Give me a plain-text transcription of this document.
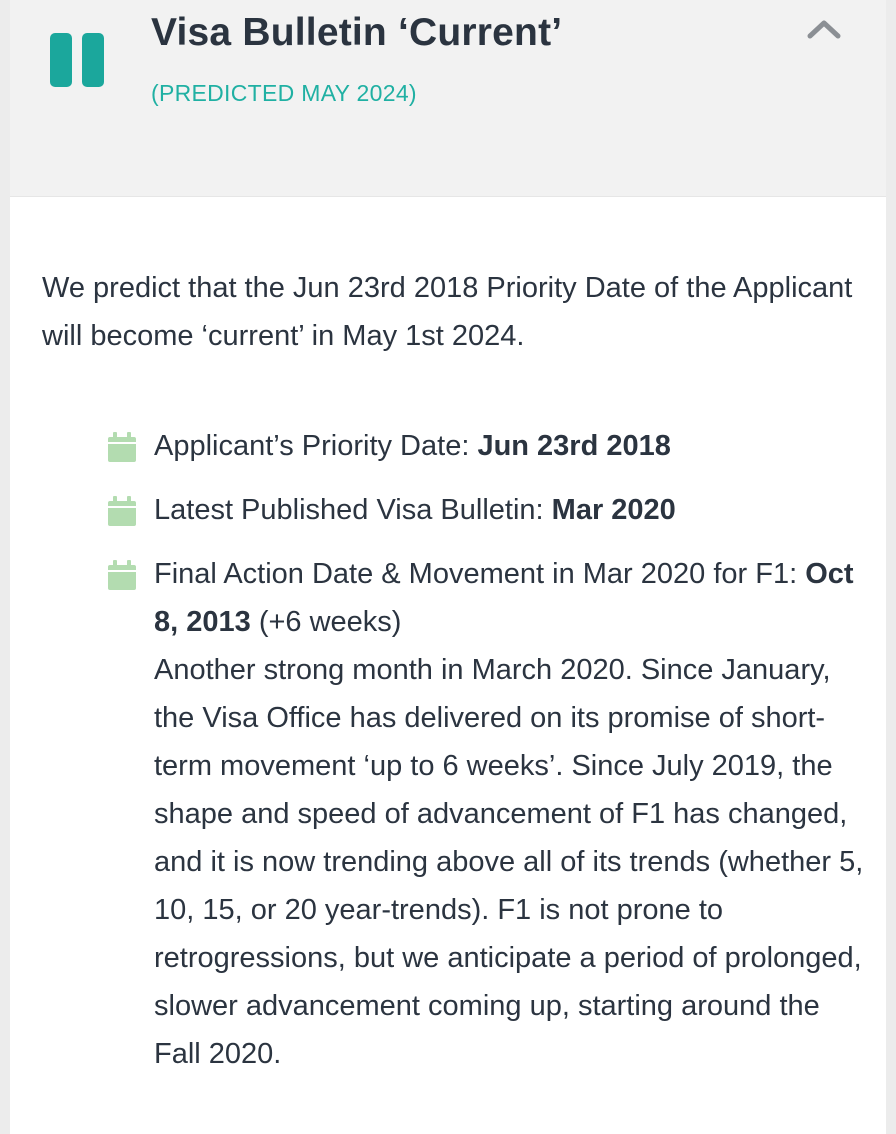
Visa Bulletin ‘Current’
(PREDICTED MAY 2024)
We predict that the Jun 23rd 2018 Priority Date of the Applicant will become ‘current’ in May 1st 2024.
Applicant’s Priority Date: Jun 23rd 2018
Latest Published Visa Bulletin: Mar 2020
Final Action Date & Movement in Mar 2020 for F1: Oct 8, 2013 (+6 weeks)
Another strong month in March 2020. Since January, the Visa Office has delivered on its promise of short-term movement ‘up to 6 weeks’. Since July 2019, the shape and speed of advancement of F1 has changed, and it is now trending above all of its trends (whether 5, 10, 15, or 20 year-trends). F1 is not prone to retrogressions, but we anticipate a period of prolonged, slower advancement coming up, starting around the Fall 2020.
